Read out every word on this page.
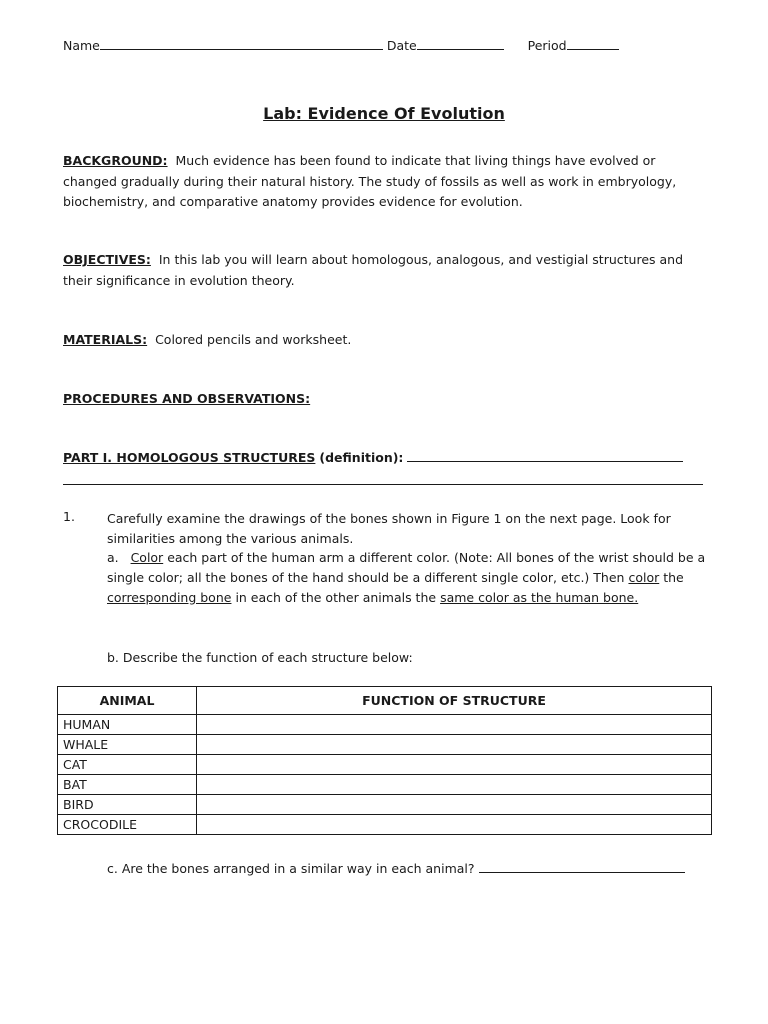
Name	Date	Period
Lab: Evidence Of Evolution
BACKGROUND: Much evidence has been found to indicate that living things have evolved or changed gradually during their natural history. The study of fossils as well as work in embryology, biochemistry, and comparative anatomy provides evidence for evolution.
OBJECTIVES: In this lab you will learn about homologous, analogous, and vestigial structures and their significance in evolution theory.
MATERIALS: Colored pencils and worksheet.
PROCEDURES AND OBSERVATIONS:
PART I. HOMOLOGOUS STRUCTURES (definition):
1.	Carefully examine the drawings of the bones shown in Figure 1 on the next page. Look for similarities among the various animals.
a. Color each part of the human arm a different color. (Note: All bones of the wrist should be a single color; all the bones of the hand should be a different single color, etc.) Then color the corresponding bone in each of the other animals the same color as the human bone.
b. Describe the function of each structure below:
ANIMAL	FUNCTION OF STRUCTURE
HUMAN	
WHALE	
CAT	
BAT	
BIRD	
CROCODILE	
c. Are the bones arranged in a similar way in each animal?
